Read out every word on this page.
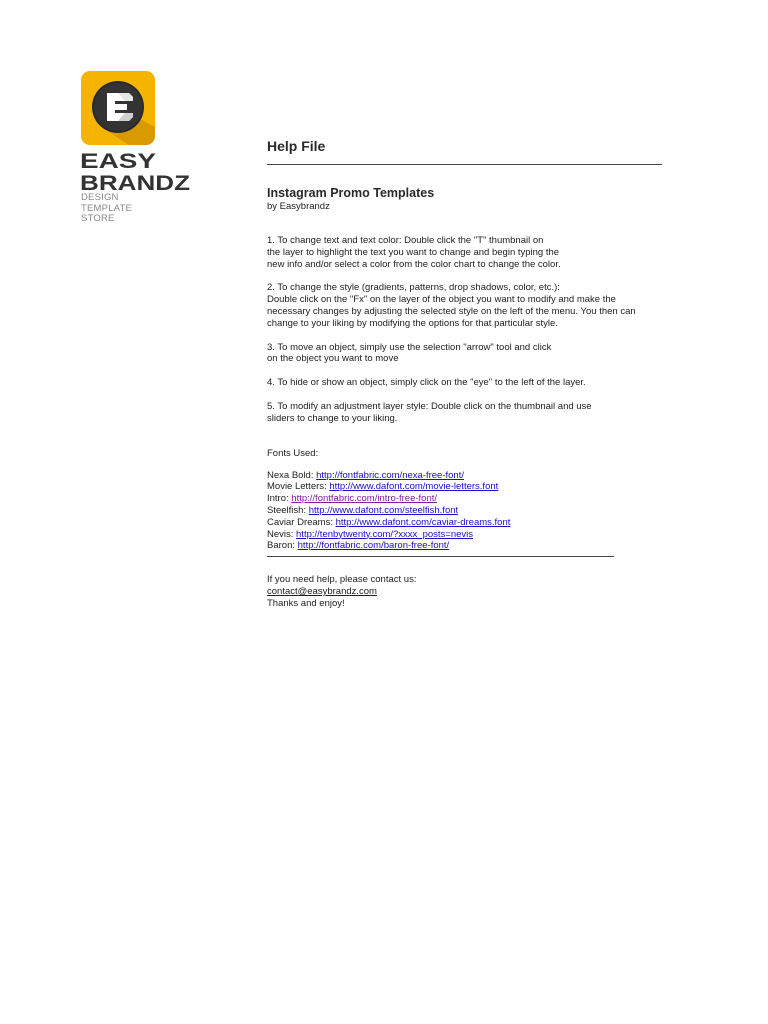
EASY
BRANDZ
DESIGN
TEMPLATE
STORE
Help File
Instagram Promo Templates
by Easybrandz
1. To change text and text color: Double click the "T" thumbnail on
the layer to highlight the text you want to change and begin typing the
new info and/or select a color from the color chart to change the color.
2. To change the style (gradients, patterns, drop shadows, color, etc.):
Double click on the "Fx" on the layer of the object you want to modify and make the
necessary changes by adjusting the selected style on the left of the menu. You then can
change to your liking by modifying the options for that particular style.
3. To move an object, simply use the selection "arrow" tool and click
on the object you want to move
4. To hide or show an object, simply click on the "eye" to the left of the layer.
5. To modify an adjustment layer style: Double click on the thumbnail and use
sliders to change to your liking.
Fonts Used:
Nexa Bold: http://fontfabric.com/nexa-free-font/
Movie Letters: http://www.dafont.com/movie-letters.font
Intro: http://fontfabric.com/intro-free-font/
Steelfish: http://www.dafont.com/steelfish.font
Caviar Dreams: http://www.dafont.com/caviar-dreams.font
Nevis: http://tenbytwenty.com/?xxxx_posts=nevis
Baron: http://fontfabric.com/baron-free-font/
If you need help, please contact us:
contact@easybrandz.com
Thanks and enjoy!
